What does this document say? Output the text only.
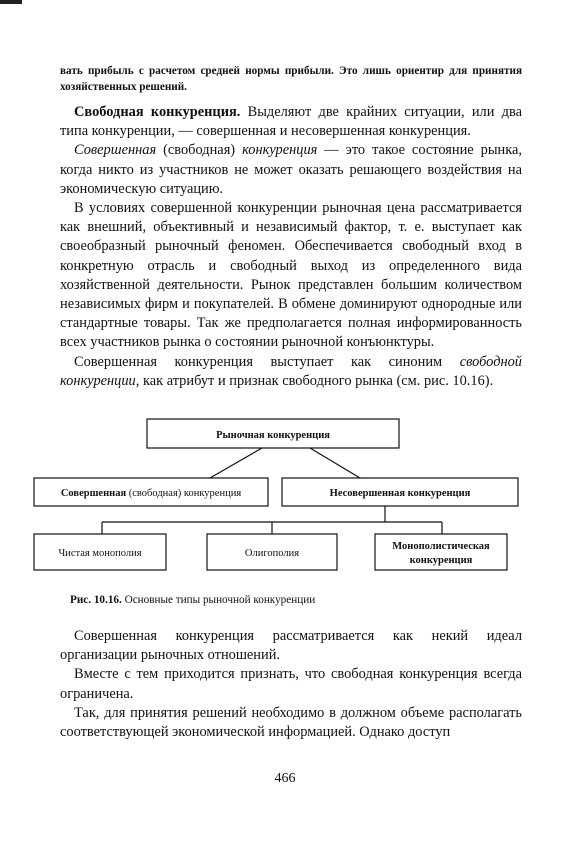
вать прибыль с расчетом средней нормы прибыли. Это лишь ориентир для принятия хозяйственных решений.

Свободная конкуренция. Выделяют две крайних ситуации, или два типа конкуренции, — совершенная и несовершенная конкуренция.

Совершенная (свободная) конкуренция — это такое состояние рынка, когда никто из участников не может оказать решающего воздействия на экономическую ситуацию.

В условиях совершенной конкуренции рыночная цена рассматривается как внешний, объективный и независимый фактор, т. е. выступает как своеобразный рыночный феномен. Обеспечивается свободный вход в конкретную отрасль и свободный выход из определенного вида хозяйственной деятельности. Рынок представлен большим количеством независимых фирм и покупателей. В обмене доминируют однородные или стандартные товары. Так же предполагается полная информированность всех участников рынка о состоянии рыночной конъюнктуры.

Совершенная конкуренция выступает как синоним свободной конкуренции, как атрибут и признак свободного рынка (см. рис. 10.16).

Рыночная конкуренция
Совершенная (свободная) конкуренция	Несовершенная конкуренция
Чистая монополия	Олигополия
Монополистическая
конкуренция
Рис. 10.16. Основные типы рыночной конкуренции

Совершенная конкуренция рассматривается как некий идеал организации рыночных отношений.

Вместе с тем приходится признать, что свободная конкуренция всегда ограничена.

Так, для принятия решений необходимо в должном объеме располагать соответствующей экономической информацией. Однако доступ

466
